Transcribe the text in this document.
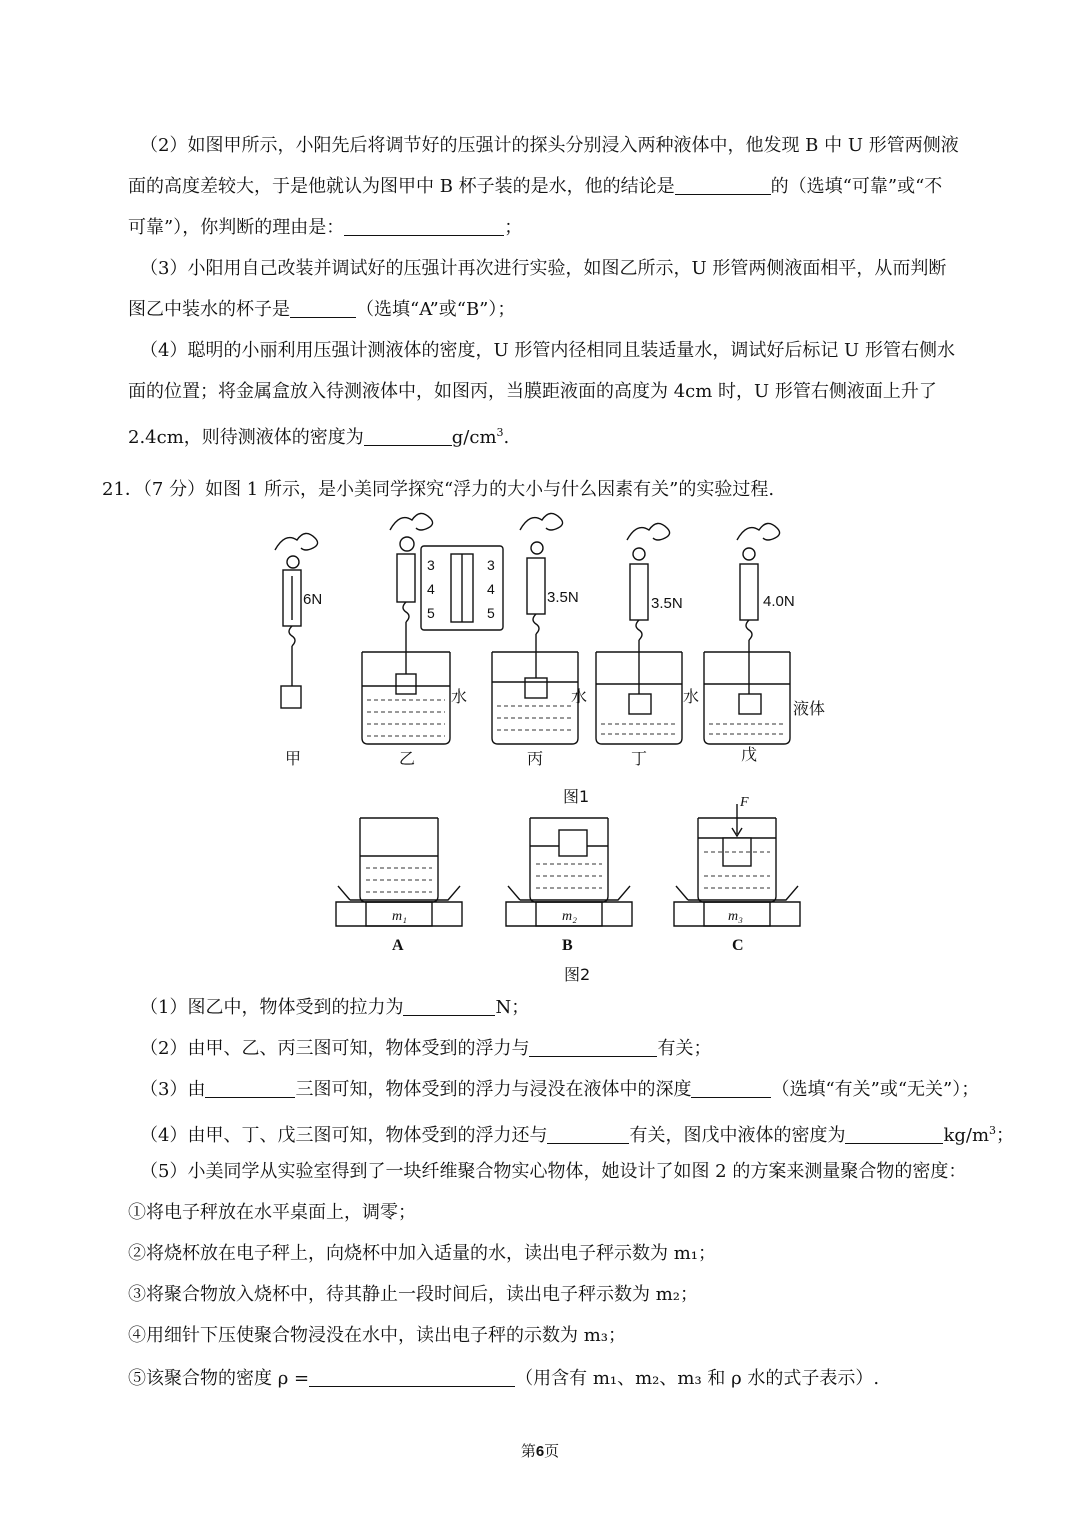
（2）如图甲所示，小阳先后将调节好的压强计的探头分别浸入两种液体中，他发现 B 中 U 形管两侧液
面的高度差较大，于是他就认为图甲中 B 杯子装的是水，他的结论是	的（选填“可靠”或“不
可靠”），你判断的理由是：	；
（3）小阳用自己改装并调试好的压强计再次进行实验，如图乙所示，U 形管两侧液面相平，从而判断
图乙中装水的杯子是	（选填“A”或“B”）；
（4）聪明的小丽利用压强计测液体的密度，U 形管内径相同且装适量水，调试好后标记 U 形管右侧水
面的位置；将金属盒放入待测液体中，如图丙，当膜距液面的高度为 4cm 时，U 形管右侧液面上升了
2.4cm，则待测液体的密度为	$g/cm^3$.
21．（7 分）如图 1 所示，是小美同学探究“浮力的大小与什么因素有关”的实验过程.
3
4
5
3
4
5
6N	3.5N	3.5N	4.0N
水	水	水
液体
甲	乙	丙	丁	戊
图1
m₁	m₂	m₃
F
A	B	C
图2
（1）图乙中，物体受到的拉力为	N；
（2）由甲、乙、丙三图可知，物体受到的浮力与	有关；
（3）由	三图可知，物体受到的浮力与浸没在液体中的深度	（选填“有关”或“无关”）；
（4）由甲、丁、戊三图可知，物体受到的浮力还与	有关，图戊中液体的密度为	$kg/m^3$；
（5）小美同学从实验室得到了一块纤维聚合物实心物体，她设计了如图 2 的方案来测量聚合物的密度：
①将电子秤放在水平桌面上，调零；
②将烧杯放在电子秤上，向烧杯中加入适量的水，读出电子秤示数为 m₁；
③将聚合物放入烧杯中，待其静止一段时间后，读出电子秤示数为 m₂；
④用细针下压使聚合物浸没在水中，读出电子秤的示数为 m₃；
⑤该聚合物的密度 ρ =	（用含有 m₁、m₂、m₃ 和 ρ 水的式子表示）.
第6页
